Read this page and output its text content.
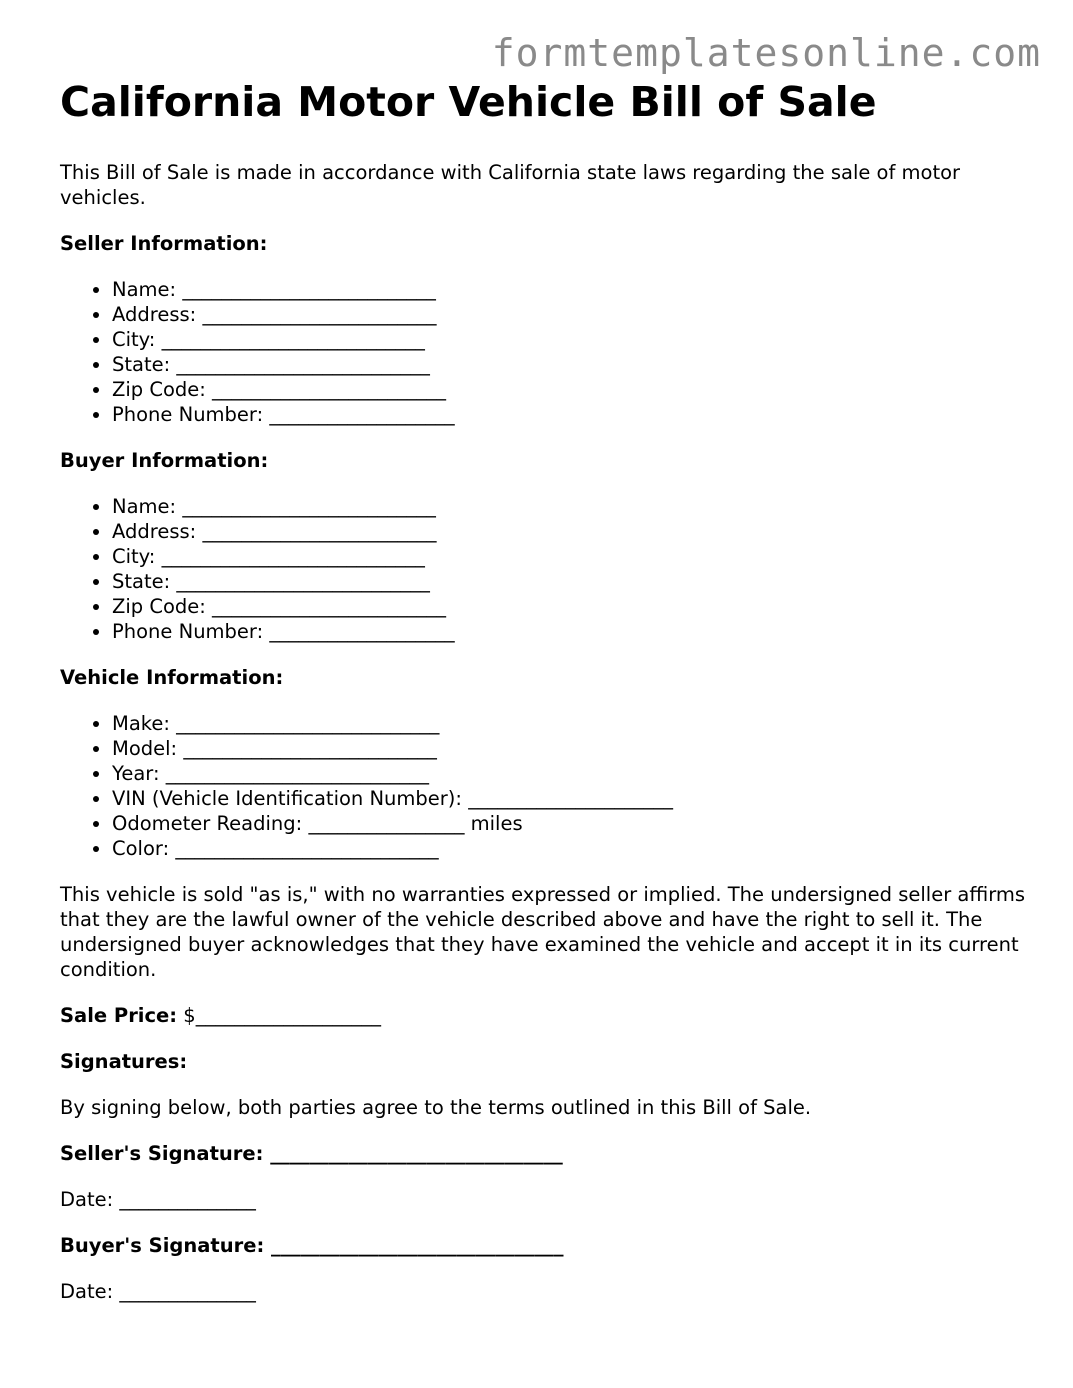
formtemplatesonline.com
California Motor Vehicle Bill of Sale

This Bill of Sale is made in accordance with California state laws regarding the sale of motor vehicles.

Seller Information:
• Name: __________________________
• Address: ________________________
• City: ___________________________
• State: __________________________
• Zip Code: ________________________
• Phone Number: ___________________
Buyer Information:
• Name: __________________________
• Address: ________________________
• City: ___________________________
• State: __________________________
• Zip Code: ________________________
• Phone Number: ___________________
Vehicle Information:
• Make: ___________________________
• Model: __________________________
• Year: ___________________________
• VIN (Vehicle Identification Number): _____________________
• Odometer Reading: ________________ miles
• Color: ___________________________

This vehicle is sold "as is," with no warranties expressed or implied. The undersigned seller affirms that they are the lawful owner of the vehicle described above and have the right to sell it. The undersigned buyer acknowledges that they have examined the vehicle and accept it in its current condition.

Sale Price: $___________________

Signatures:

By signing below, both parties agree to the terms outlined in this Bill of Sale.

Seller's Signature: ______________________________

Date: ______________

Buyer's Signature: ______________________________

Date: ______________
